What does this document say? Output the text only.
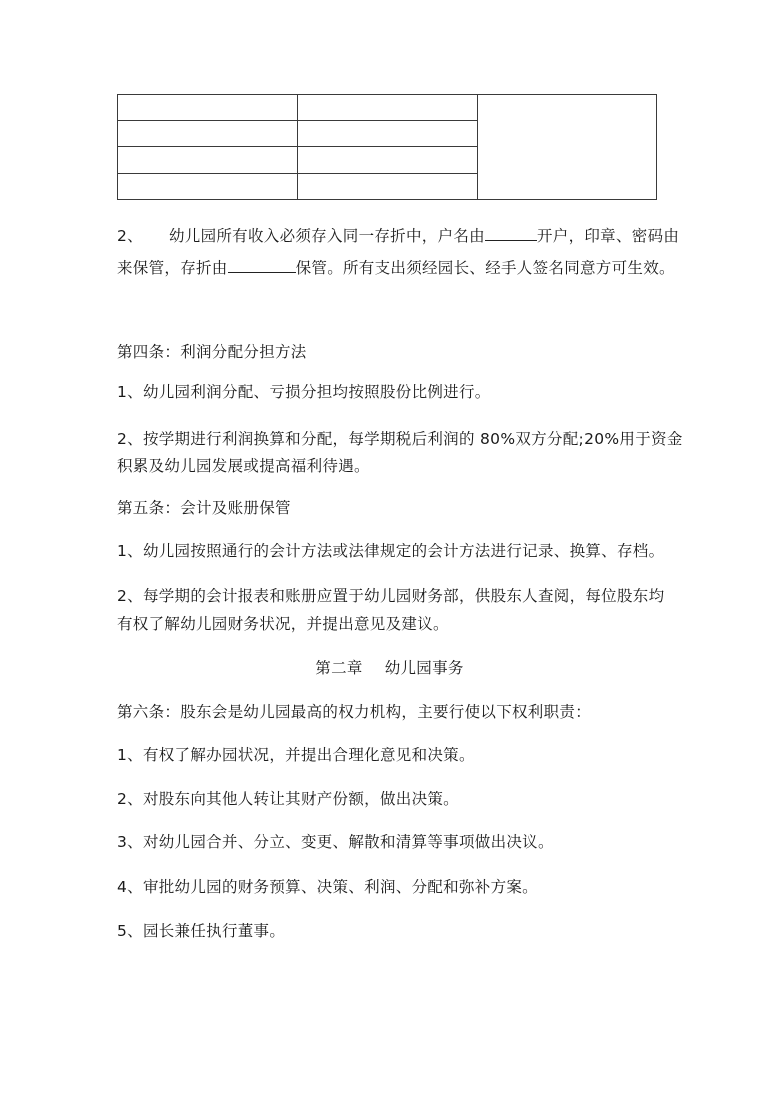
2、 幼儿园所有收入必须存入同一存折中，户名由	开户，印章、密码由
来保管，存折由	保管。所有支出须经园长、经手人签名同意方可生效。
第四条：利润分配分担方法
1、幼儿园利润分配、亏损分担均按照股份比例进行。
2、按学期进行利润换算和分配，每学期税后利润的 80%双方分配;20%用于资金
积累及幼儿园发展或提高福利待遇。
第五条：会计及账册保管
1、幼儿园按照通行的会计方法或法律规定的会计方法进行记录、换算、存档。
2、每学期的会计报表和账册应置于幼儿园财务部，供股东人查阅，每位股东均
有权了解幼儿园财务状况，并提出意见及建议。
第二章 幼儿园事务
第六条：股东会是幼儿园最高的权力机构，主要行使以下权利职责：
1、有权了解办园状况，并提出合理化意见和决策。
2、对股东向其他人转让其财产份额，做出决策。
3、对幼儿园合并、分立、变更、解散和清算等事项做出决议。
4、审批幼儿园的财务预算、决策、利润、分配和弥补方案。
5、园长兼任执行董事。
